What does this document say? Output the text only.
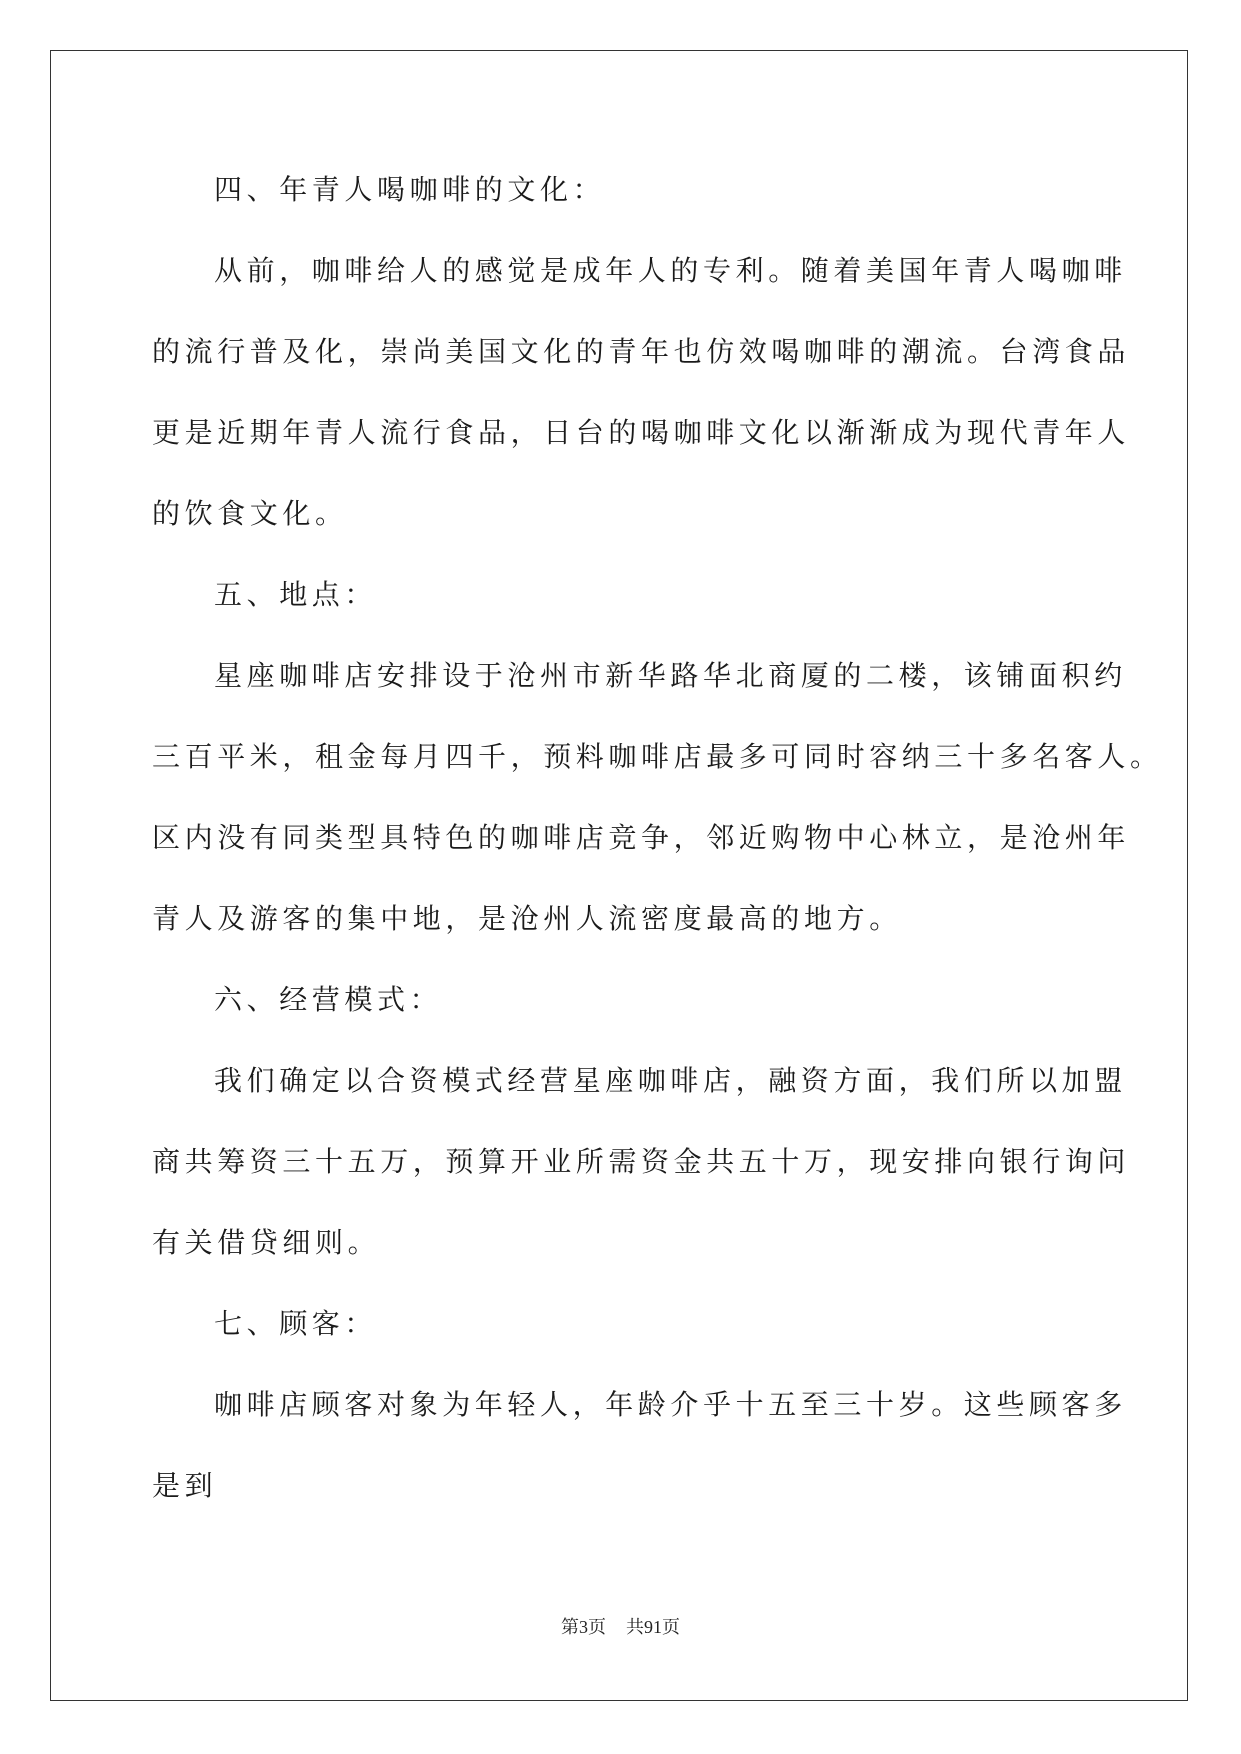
四、年青人喝咖啡的文化：
从前，咖啡给人的感觉是成年人的专利。随着美国年青人喝咖啡
的流行普及化，崇尚美国文化的青年也仿效喝咖啡的潮流。台湾食品
更是近期年青人流行食品，日台的喝咖啡文化以渐渐成为现代青年人
的饮食文化。
五、地点：
星座咖啡店安排设于沧州市新华路华北商厦的二楼，该铺面积约
三百平米，租金每月四千，预料咖啡店最多可同时容纳三十多名客人。
区内没有同类型具特色的咖啡店竞争，邻近购物中心林立，是沧州年
青人及游客的集中地，是沧州人流密度最高的地方。
六、经营模式：
我们确定以合资模式经营星座咖啡店，融资方面，我们所以加盟
商共筹资三十五万，预算开业所需资金共五十万，现安排向银行询问
有关借贷细则。
七、顾客：
咖啡店顾客对象为年轻人，年龄介乎十五至三十岁。这些顾客多
是到
第3页 共91页
